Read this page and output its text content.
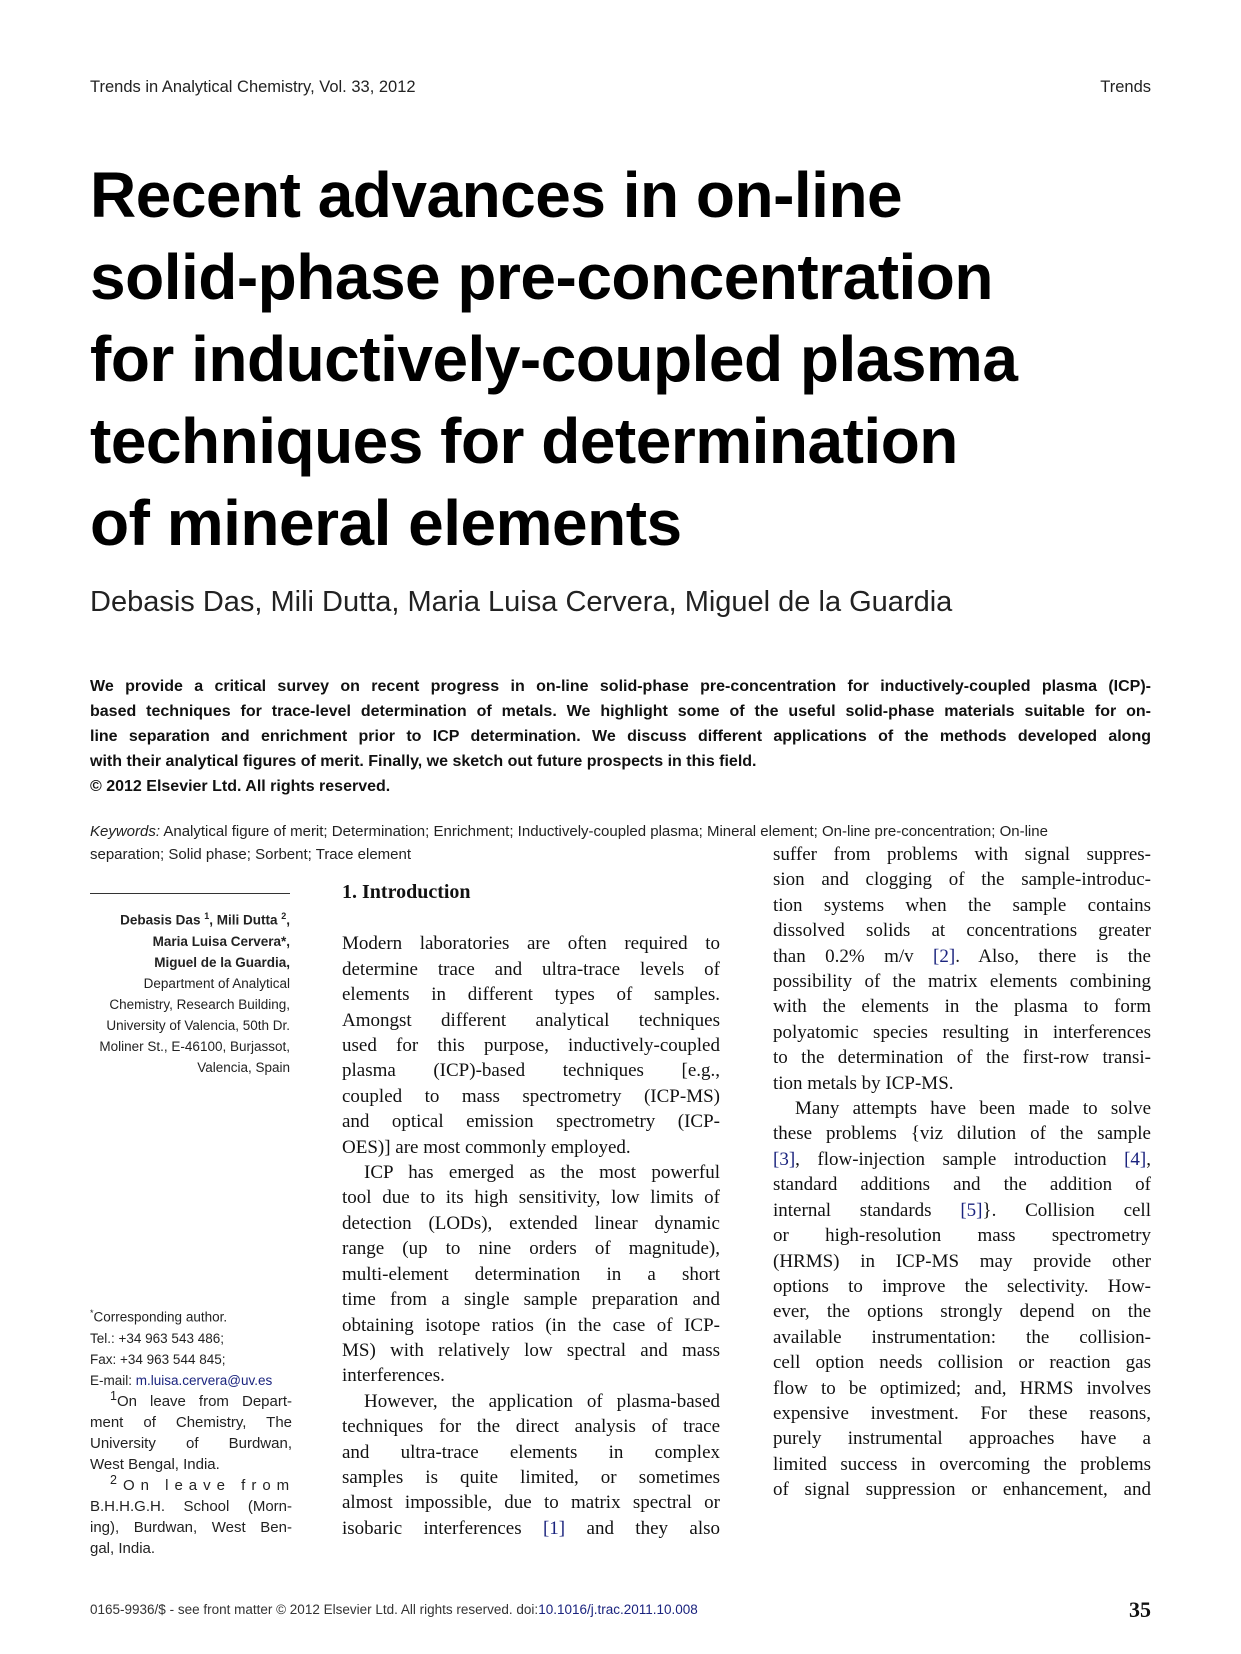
Trends in Analytical Chemistry, Vol. 33, 2012	Trends
Recent advances in on-line
solid-phase pre-concentration
for inductively-coupled plasma
techniques for determination
of mineral elements
Debasis Das, Mili Dutta, Maria Luisa Cervera, Miguel de la Guardia
We provide a critical survey on recent progress in on-line solid-phase pre-concentration for inductively-coupled plasma (ICP)-
based techniques for trace-level determination of metals. We highlight some of the useful solid-phase materials suitable for on-
line separation and enrichment prior to ICP determination. We discuss different applications of the methods developed along
with their analytical figures of merit. Finally, we sketch out future prospects in this field.
© 2012 Elsevier Ltd. All rights reserved.
Keywords: Analytical figure of merit; Determination; Enrichment; Inductively-coupled plasma; Mineral element; On-line pre-concentration; On-line
separation; Solid phase; Sorbent; Trace element
Debasis Das $^1$, Mili Dutta $^2$,
Maria Luisa Cervera*,
Miguel de la Guardia,
Department of Analytical
Chemistry, Research Building,
University of Valencia, 50th Dr.
Moliner St., E-46100, Burjassot,
Valencia, Spain
*Corresponding author.
Tel.: +34 963 543 486;
Fax: +34 963 544 845;
E-mail: m.luisa.cervera@uv.es
$^1$On leave from Depart-
ment of Chemistry, The
University of Burdwan,
West Bengal, India.
$^2$On leave from
B.H.H.G.H. School (Morn-
ing), Burdwan, West Ben-
gal, India.
1. Introduction
Modern laboratories are often required to
determine trace and ultra-trace levels of
elements in different types of samples.
Amongst different analytical techniques
used for this purpose, inductively-coupled
plasma (ICP)-based techniques [e.g.,
coupled to mass spectrometry (ICP-MS)
and optical emission spectrometry (ICP-
OES)] are most commonly employed.
ICP has emerged as the most powerful
tool due to its high sensitivity, low limits of
detection (LODs), extended linear dynamic
range (up to nine orders of magnitude),
multi-element determination in a short
time from a single sample preparation and
obtaining isotope ratios (in the case of ICP-
MS) with relatively low spectral and mass
interferences.
However, the application of plasma-based
techniques for the direct analysis of trace
and ultra-trace elements in complex
samples is quite limited, or sometimes
almost impossible, due to matrix spectral or
isobaric interferences [1] and they also
suffer from problems with signal suppres-
sion and clogging of the sample-introduc-
tion systems when the sample contains
dissolved solids at concentrations greater
than 0.2% m/v [2]. Also, there is the
possibility of the matrix elements combining
with the elements in the plasma to form
polyatomic species resulting in interferences
to the determination of the first-row transi-
tion metals by ICP-MS.
Many attempts have been made to solve
these problems {viz dilution of the sample
[3], flow-injection sample introduction [4],
standard additions and the addition of
internal standards [5]}. Collision cell
or high-resolution mass spectrometry
(HRMS) in ICP-MS may provide other
options to improve the selectivity. How-
ever, the options strongly depend on the
available instrumentation: the collision-
cell option needs collision or reaction gas
flow to be optimized; and, HRMS involves
expensive investment. For these reasons,
purely instrumental approaches have a
limited success in overcoming the problems
of signal suppression or enhancement, and
0165-9936/$ - see front matter © 2012 Elsevier Ltd. All rights reserved. doi:10.1016/j.trac.2011.10.008	35
